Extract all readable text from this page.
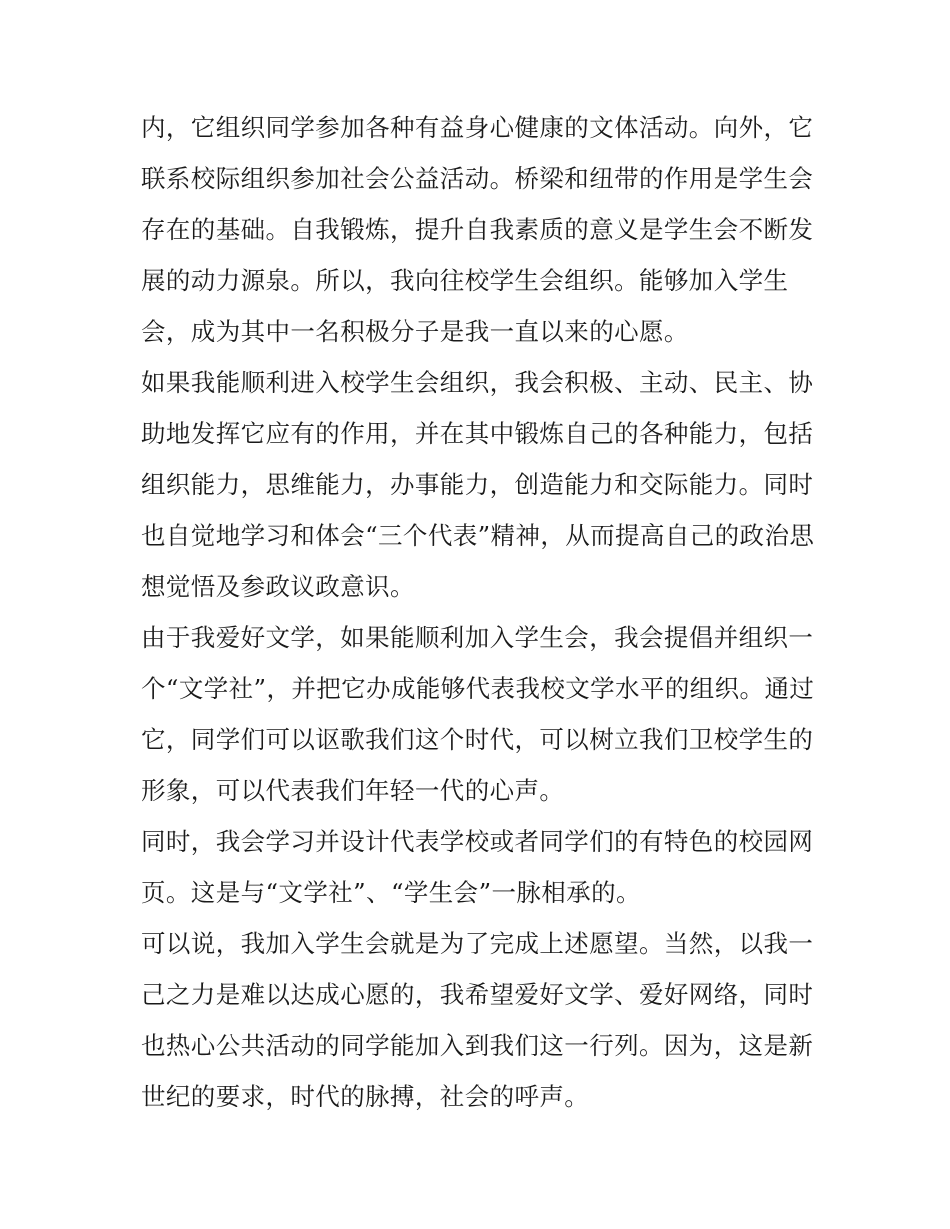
内，它组织同学参加各种有益身心健康的文体活动。向外，它
联系校际组织参加社会公益活动。桥梁和纽带的作用是学生会
存在的基础。自我锻炼，提升自我素质的意义是学生会不断发
展的动力源泉。所以，我向往校学生会组织。能够加入学生
会，成为其中一名积极分子是我一直以来的心愿。

如果我能顺利进入校学生会组织，我会积极、主动、民主、协
助地发挥它应有的作用，并在其中锻炼自己的各种能力，包括
组织能力，思维能力，办事能力，创造能力和交际能力。同时
也自觉地学习和体会“三个代表”精神，从而提高自己的政治思
想觉悟及参政议政意识。

由于我爱好文学，如果能顺利加入学生会，我会提倡并组织一
个“文学社”，并把它办成能够代表我校文学水平的组织。通过
它，同学们可以讴歌我们这个时代，可以树立我们卫校学生的
形象，可以代表我们年轻一代的心声。

同时，我会学习并设计代表学校或者同学们的有特色的校园网
页。这是与“文学社”、“学生会”一脉相承的。

可以说，我加入学生会就是为了完成上述愿望。当然，以我一
己之力是难以达成心愿的，我希望爱好文学、爱好网络，同时
也热心公共活动的同学能加入到我们这一行列。因为，这是新
世纪的要求，时代的脉搏，社会的呼声。
